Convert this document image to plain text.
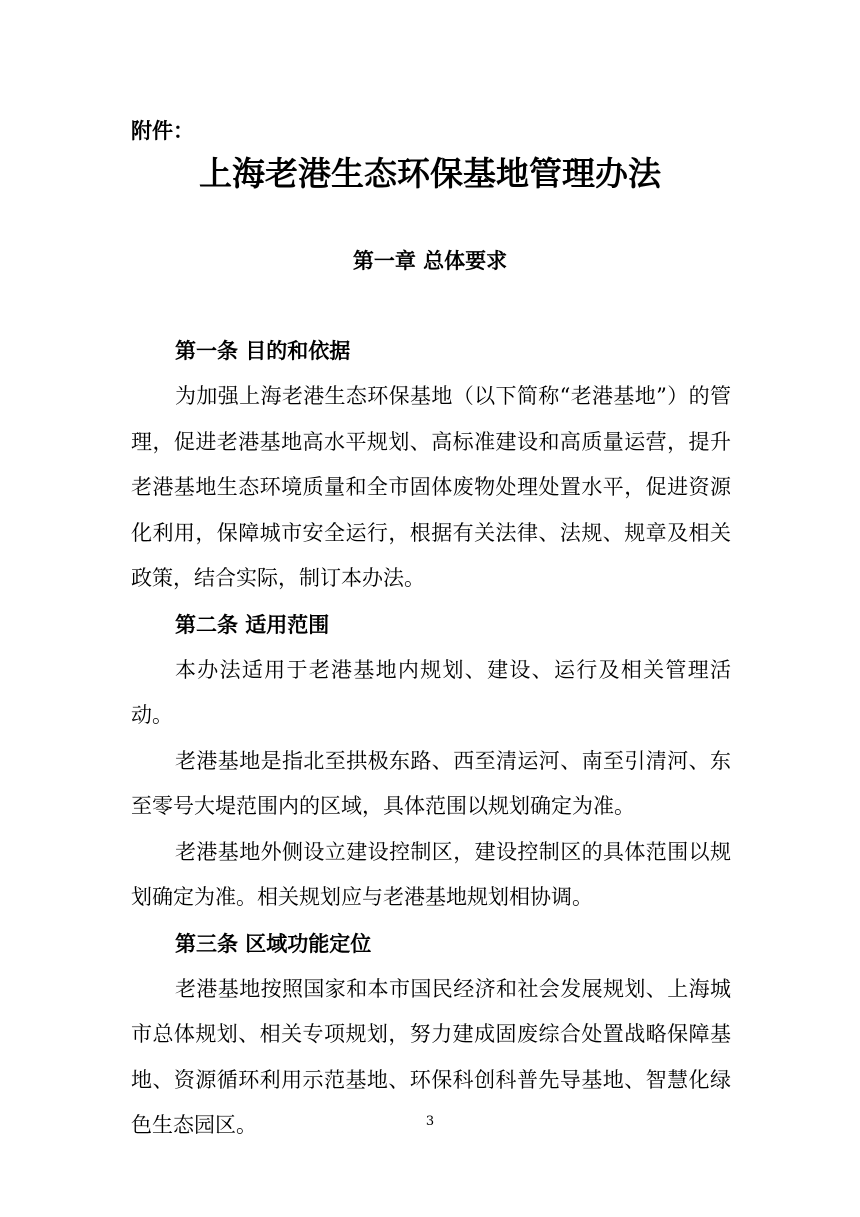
附件：

上海老港生态环保基地管理办法
第一章 总体要求
第一条 目的和依据

为加强上海老港生态环保基地（以下简称“老港基地”）的管理，促进老港基地高水平规划、高标准建设和高质量运营，提升老港基地生态环境质量和全市固体废物处理处置水平，促进资源化利用，保障城市安全运行，根据有关法律、法规、规章及相关政策，结合实际，制订本办法。

第二条 适用范围

本办法适用于老港基地内规划、建设、运行及相关管理活动。

老港基地是指北至拱极东路、西至清运河、南至引清河、东至零号大堤范围内的区域，具体范围以规划确定为准。

老港基地外侧设立建设控制区，建设控制区的具体范围以规划确定为准。相关规划应与老港基地规划相协调。

第三条 区域功能定位

老港基地按照国家和本市国民经济和社会发展规划、上海城市总体规划、相关专项规划，努力建成固废综合处置战略保障基地、资源循环利用示范基地、环保科创科普先导基地、智慧化绿色生态园区。	3
